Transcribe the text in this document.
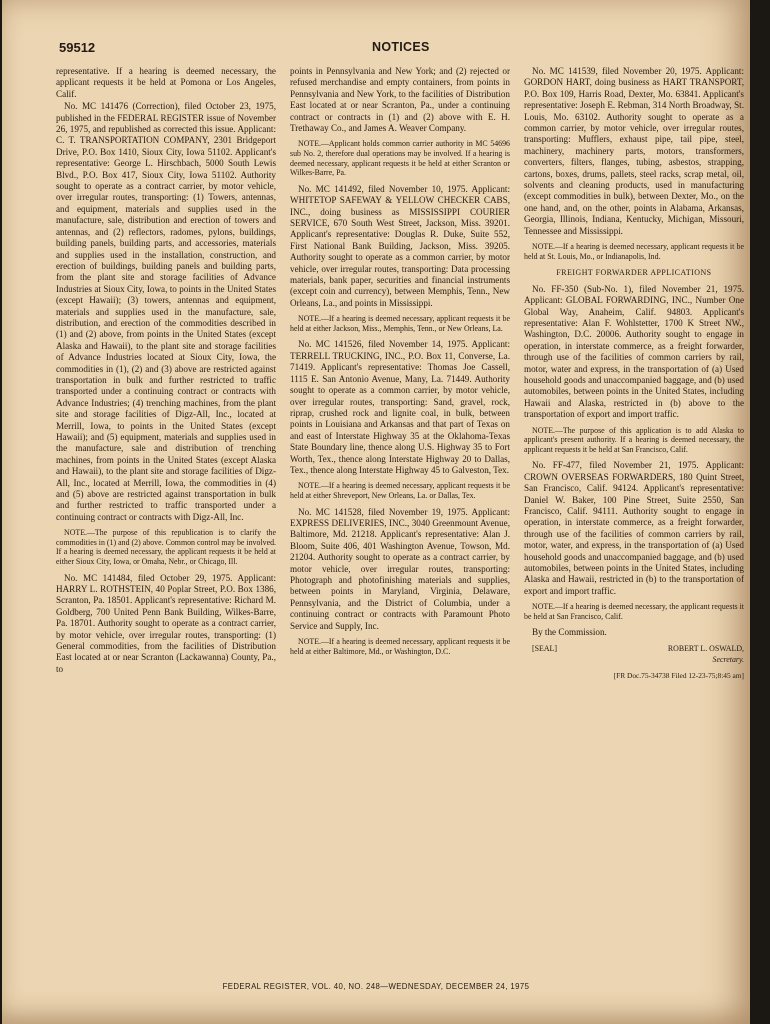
59512	NOTICES

representative. If a hearing is deemed necessary, the applicant requests it be held at Pomona or Los Angeles, Calif.

No. MC 141476 (Correction), filed October 23, 1975, published in the FEDERAL REGISTER issue of November 26, 1975, and republished as corrected this issue. Applicant: C. T. TRANSPORTATION COMPANY, 2301 Bridgeport Drive, P.O. Box 1410, Sioux City, Iowa 51102. Applicant's representative: George L. Hirschbach, 5000 South Lewis Blvd., P.O. Box 417, Sioux City, Iowa 51102. Authority sought to operate as a contract carrier, by motor vehicle, over irregular routes, transporting: (1) Towers, antennas, and equipment, materials and supplies used in the manufacture, sale, distribution and erection of towers and antennas, and (2) reflectors, radomes, pylons, buildings, building panels, building parts, and accessories, materials and supplies used in the installation, construction, and erection of buildings, building panels and building parts, from the plant site and storage facilities of Advance Industries at Sioux City, Iowa, to points in the United States (except Hawaii); (3) towers, antennas and equipment, materials and supplies used in the manufacture, sale, distribution, and erection of the commodities described in (1) and (2) above, from points in the United States (except Alaska and Hawaii), to the plant site and storage facilities of Advance Industries located at Sioux City, Iowa, the commodities in (1), (2) and (3) above are restricted against transportation in bulk and further restricted to traffic transported under a continuing contract or contracts with Advance Industries; (4) trenching machines, from the plant site and storage facilities of Digz-All, Inc., located at Merrill, Iowa, to points in the United States (except Hawaii); and (5) equipment, materials and supplies used in the manufacture, sale and distribution of trenching machines, from points in the United States (except Alaska and Hawaii), to the plant site and storage facilities of Digz-All, Inc., located at Merrill, Iowa, the commodities in (4) and (5) above are restricted against transportation in bulk and further restricted to traffic transported under a continuing contract or contracts with Digz-All, Inc.

NOTE.—The purpose of this republication is to clarify the commodities in (1) and (2) above. Common control may be involved. If a hearing is deemed necessary, the applicant requests it be held at either Sioux City, Iowa, or Omaha, Nebr., or Chicago, Ill.

No. MC 141484, filed October 29, 1975. Applicant: HARRY L. ROTHSTEIN, 40 Poplar Street, P.O. Box 1386, Scranton, Pa. 18501. Applicant's representative: Richard M. Goldberg, 700 United Penn Bank Building, Wilkes-Barre, Pa. 18701. Authority sought to operate as a contract carrier, by motor vehicle, over irregular routes, transporting: (1) General commodities, from the facilities of Distribution East located at or near Scranton (Lackawanna) County, Pa., to

points in Pennsylvania and New York; and (2) rejected or refused merchandise and empty containers, from points in Pennsylvania and New York, to the facilities of Distribution East located at or near Scranton, Pa., under a continuing contract or contracts in (1) and (2) above with E. H. Trethaway Co., and James A. Weaver Company.

NOTE.—Applicant holds common carrier authority in MC 54696 sub No. 2, therefore dual operations may be involved. If a hearing is deemed necessary, applicant requests it be held at either Scranton or Wilkes-Barre, Pa.

No. MC 141492, filed November 10, 1975. Applicant: WHITETOP SAFEWAY & YELLOW CHECKER CABS, INC., doing business as MISSISSIPPI COURIER SERVICE, 670 South West Street, Jackson, Miss. 39201. Applicant's representative: Douglas R. Duke, Suite 552, First National Bank Building, Jackson, Miss. 39205. Authority sought to operate as a common carrier, by motor vehicle, over irregular routes, transporting: Data processing materials, bank paper, securities and financial instruments (except coin and currency), between Memphis, Tenn., New Orleans, La., and points in Mississippi.

NOTE.—If a hearing is deemed necessary, applicant requests it be held at either Jackson, Miss., Memphis, Tenn., or New Orleans, La.

No. MC 141526, filed November 14, 1975. Applicant: TERRELL TRUCKING, INC., P.O. Box 11, Converse, La. 71419. Applicant's representative: Thomas Joe Cassell, 1115 E. San Antonio Avenue, Many, La. 71449. Authority sought to operate as a common carrier, by motor vehicle, over irregular routes, transporting: Sand, gravel, rock, riprap, crushed rock and lignite coal, in bulk, between points in Louisiana and Arkansas and that part of Texas on and east of Interstate Highway 35 at the Oklahoma-Texas State Boundary line, thence along U.S. Highway 35 to Fort Worth, Tex., thence along Interstate Highway 20 to Dallas, Tex., thence along Interstate Highway 45 to Galveston, Tex.

NOTE.—If a hearing is deemed necessary, applicant requests it be held at either Shreveport, New Orleans, La. or Dallas, Tex.

No. MC 141528, filed November 19, 1975. Applicant: EXPRESS DELIVERIES, INC., 3040 Greenmount Avenue, Baltimore, Md. 21218. Applicant's representative: Alan J. Bloom, Suite 406, 401 Washington Avenue, Towson, Md. 21204. Authority sought to operate as a contract carrier, by motor vehicle, over irregular routes, transporting: Photograph and photofinishing materials and supplies, between points in Maryland, Virginia, Delaware, Pennsylvania, and the District of Columbia, under a continuing contract or contracts with Paramount Photo Service and Supply, Inc.

NOTE.—If a hearing is deemed necessary, applicant requests it be held at either Baltimore, Md., or Washington, D.C.

No. MC 141539, filed November 20, 1975. Applicant: GORDON HART, doing business as HART TRANSPORT, P.O. Box 109, Harris Road, Dexter, Mo. 63841. Applicant's representative: Joseph E. Rebman, 314 North Broadway, St. Louis, Mo. 63102. Authority sought to operate as a common carrier, by motor vehicle, over irregular routes, transporting: Mufflers, exhaust pipe, tail pipe, steel, machinery, machinery parts, motors, transformers, converters, filters, flanges, tubing, asbestos, strapping, cartons, boxes, drums, pallets, steel racks, scrap metal, oil, solvents and cleaning products, used in manufacturing (except commodities in bulk), between Dexter, Mo., on the one hand, and, on the other, points in Alabama, Arkansas, Georgia, Illinois, Indiana, Kentucky, Michigan, Missouri, Tennessee and Mississippi.

NOTE.—If a hearing is deemed necessary, applicant requests it be held at St. Louis, Mo., or Indianapolis, Ind.

FREIGHT FORWARDER APPLICATIONS

No. FF-350 (Sub-No. 1), filed November 21, 1975. Applicant: GLOBAL FORWARDING, INC., Number One Global Way, Anaheim, Calif. 94803. Applicant's representative: Alan F. Wohlstetter, 1700 K Street NW., Washington, D.C. 20006. Authority sought to engage in operation, in interstate commerce, as a freight forwarder, through use of the facilities of common carriers by rail, motor, water and express, in the transportation of (a) Used household goods and unaccompanied baggage, and (b) used automobiles, between points in the United States, including Hawaii and Alaska, restricted in (b) above to the transportation of export and import traffic.

NOTE.—The purpose of this application is to add Alaska to applicant's present authority. If a hearing is deemed necessary, the applicant requests it be held at San Francisco, Calif.

No. FF-477, filed November 21, 1975. Applicant: CROWN OVERSEAS FORWARDERS, 180 Quint Street, San Francisco, Calif. 94124. Applicant's representative: Daniel W. Baker, 100 Pine Street, Suite 2550, San Francisco, Calif. 94111. Authority sought to engage in operation, in interstate commerce, as a freight forwarder, through use of the facilities of common carriers by rail, motor, water, and express, in the transportation of (a) Used household goods and unaccompanied baggage, and (b) used automobiles, between points in the United States, including Alaska and Hawaii, restricted in (b) to the transportation of export and import traffic.

NOTE.—If a hearing is deemed necessary, the applicant requests it be held at San Francisco, Calif.

By the Commission.

[SEAL]	ROBERT L. OSWALD,
Secretary.
[FR Doc.75-34738 Filed 12-23-75;8:45 am]
FEDERAL REGISTER, VOL. 40, NO. 248—WEDNESDAY, DECEMBER 24, 1975
